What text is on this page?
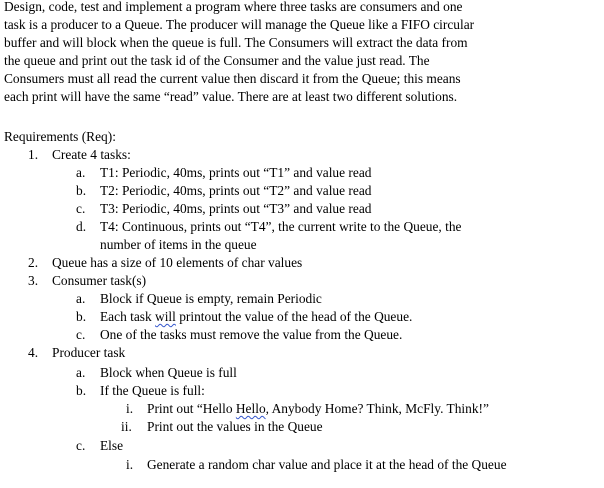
Design, code, test and implement a program where three tasks are consumers and one
task is a producer to a Queue. The producer will manage the Queue like a FIFO circular
buffer and will block when the queue is full. The Consumers will extract the data from
the queue and print out the task id of the Consumer and the value just read. The
Consumers must all read the current value then discard it from the Queue; this means
each print will have the same “read” value. There are at least two different solutions.
Requirements (Req):
1. Create 4 tasks:
a. T1: Periodic, 40ms, prints out “T1” and value read
b. T2: Periodic, 40ms, prints out “T2” and value read
c. T3: Periodic, 40ms, prints out “T3” and value read
d. T4: Continuous, prints out “T4”, the current write to the Queue, the
number of items in the queue
2. Queue has a size of 10 elements of char values
3. Consumer task(s)
a. Block if Queue is empty, remain Periodic
b. Each task will printout the value of the head of the Queue.
c. One of the tasks must remove the value from the Queue.
4. Producer task
a. Block when Queue is full
b. If the Queue is full:
i. Print out “Hello Hello, Anybody Home? Think, McFly. Think!”
ii. Print out the values in the Queue
c. Else
i. Generate a random char value and place it at the head of the Queue
